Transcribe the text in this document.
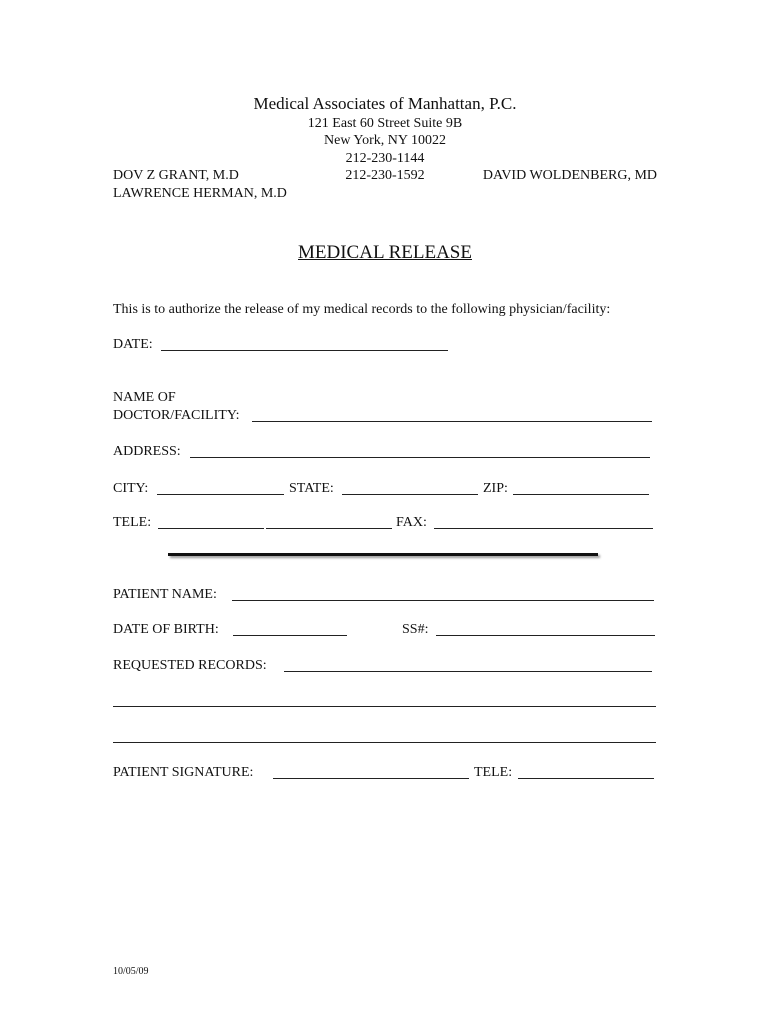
Medical Associates of Manhattan, P.C.
121 East 60 Street Suite 9B
New York, NY 10022
212-230-1144
212-230-1592
DOV Z GRANT, M.D
LAWRENCE HERMAN, M.D
DAVID WOLDENBERG, MD
MEDICAL RELEASE
This is to authorize the release of my medical records to the following physician/facility:
DATE:
NAME OF
DOCTOR/FACILITY:
ADDRESS:
CITY:	STATE:	ZIP:
TELE:	FAX:
PATIENT NAME:
DATE OF BIRTH:	SS#:
REQUESTED RECORDS:
PATIENT SIGNATURE:	TELE:
10/05/09
